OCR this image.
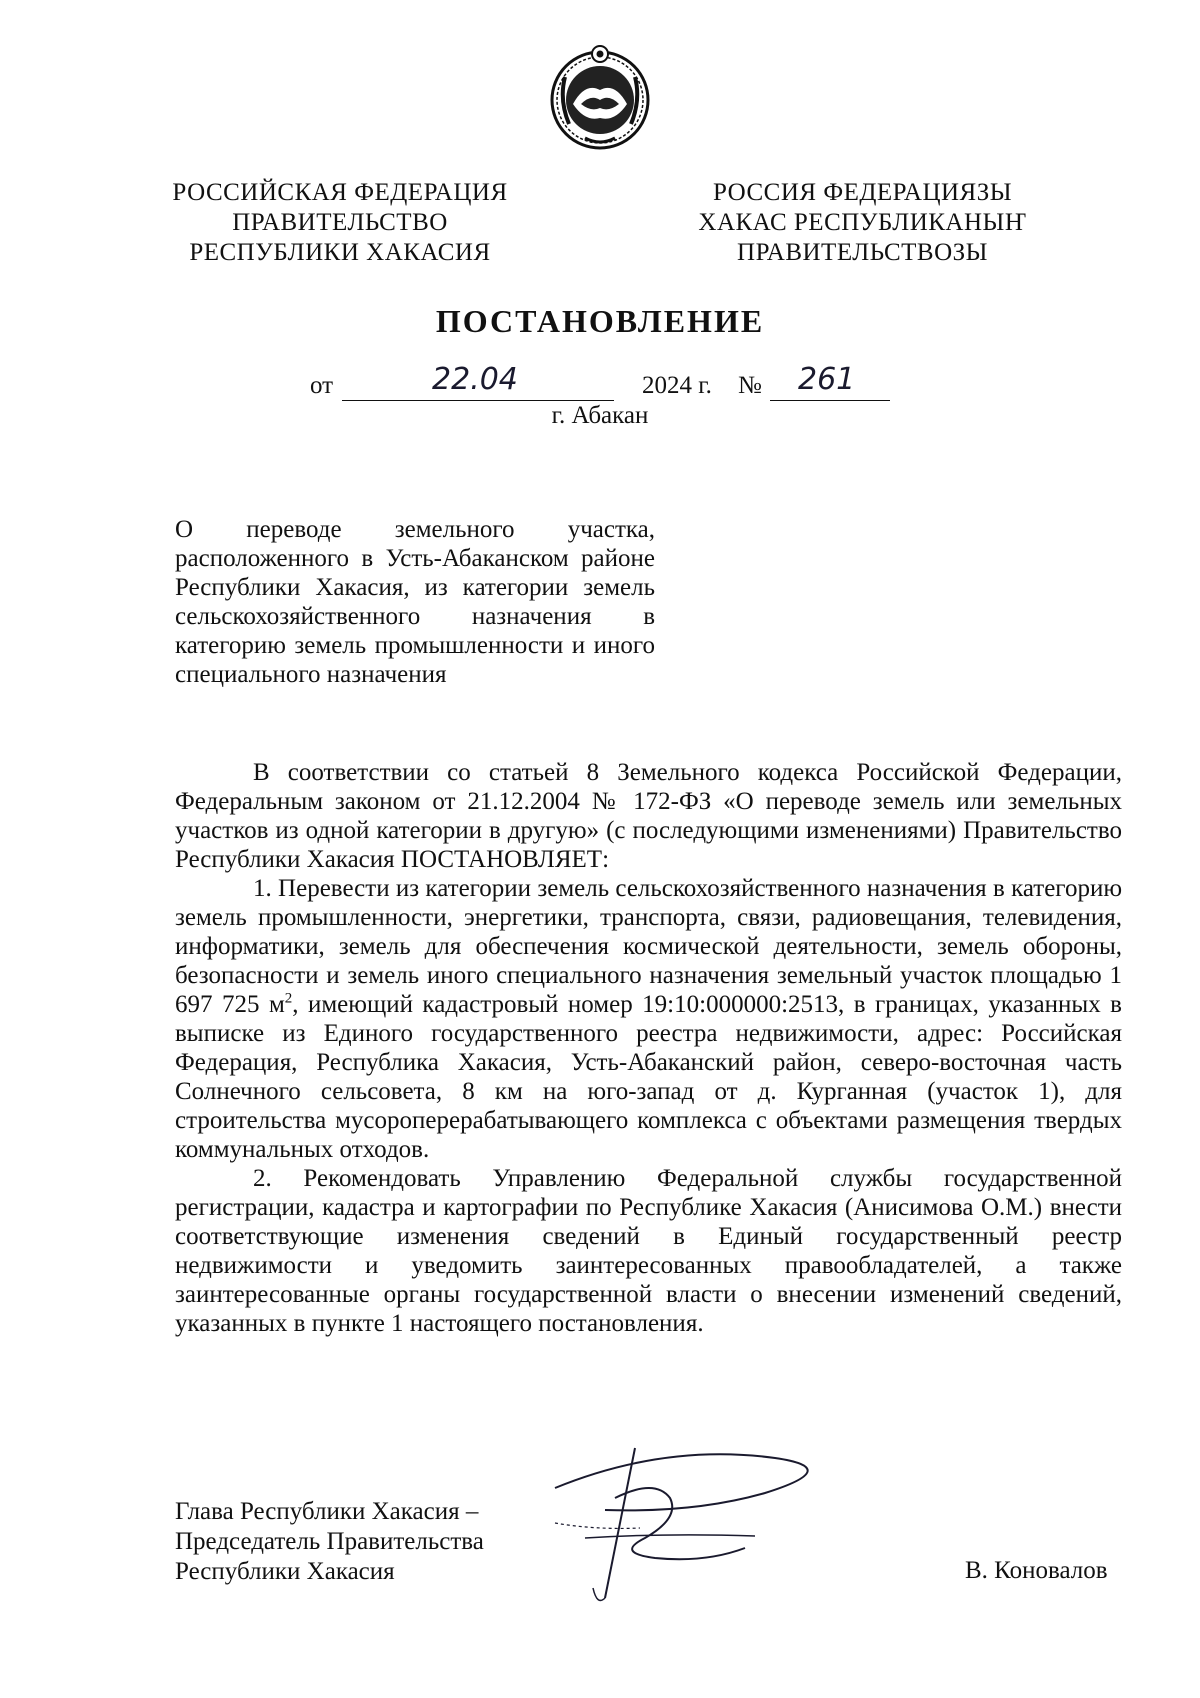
РОССИЙСКАЯ ФЕДЕРАЦИЯ
ПРАВИТЕЛЬСТВО
РЕСПУБЛИКИ ХАКАСИЯ
РОССИЯ ФЕДЕРАЦИЯЗЫ
ХАКАС РЕСПУБЛИКАНЫҤ
ПРАВИТЕЛЬСТВОЗЫ
ПОСТАНОВЛЕНИЕ
от	22.04	2024 г. № 261
г. Абакан
О переводе земельного участка, расположенного в Усть-Абаканском районе Республики Хакасия, из категории земель сельскохозяйственного назначения в категорию земель промышленности и иного специального назначения

В соответствии со статьей 8 Земельного кодекса Российской Федерации, Федеральным законом от 21.12.2004 № 172-ФЗ «О переводе земель или земельных участков из одной категории в другую» (с последующими изменениями) Правительство Республики Хакасия ПОСТАНОВЛЯЕТ:

1. Перевести из категории земель сельскохозяйственного назначения в категорию земель промышленности, энергетики, транспорта, связи, радиовещания, телевидения, информатики, земель для обеспечения космической деятельности, земель обороны, безопасности и земель иного специального назначения земельный участок площадью 1 697 725 $м^2$, имеющий кадастровый номер 19:10:000000:2513, в границах, указанных в выписке из Единого государственного реестра недвижимости, адрес: Российская Федерация, Республика Хакасия, Усть-Абаканский район, северо-восточная часть Солнечного сельсовета, 8 км на юго-запад от д. Курганная (участок 1), для строительства мусороперерабатывающего комплекса с объектами размещения твердых коммунальных отходов.

2. Рекомендовать Управлению Федеральной службы государственной регистрации, кадастра и картографии по Республике Хакасия (Анисимова О.М.) внести соответствующие изменения сведений в Единый государственный реестр недвижимости и уведомить заинтересованных правообладателей, а также заинтересованные органы государственной власти о внесении изменений сведений, указанных в пункте 1 настоящего постановления.

Глава Республики Хакасия –
Председатель Правительства
Республики Хакасия	В. Коновалов
